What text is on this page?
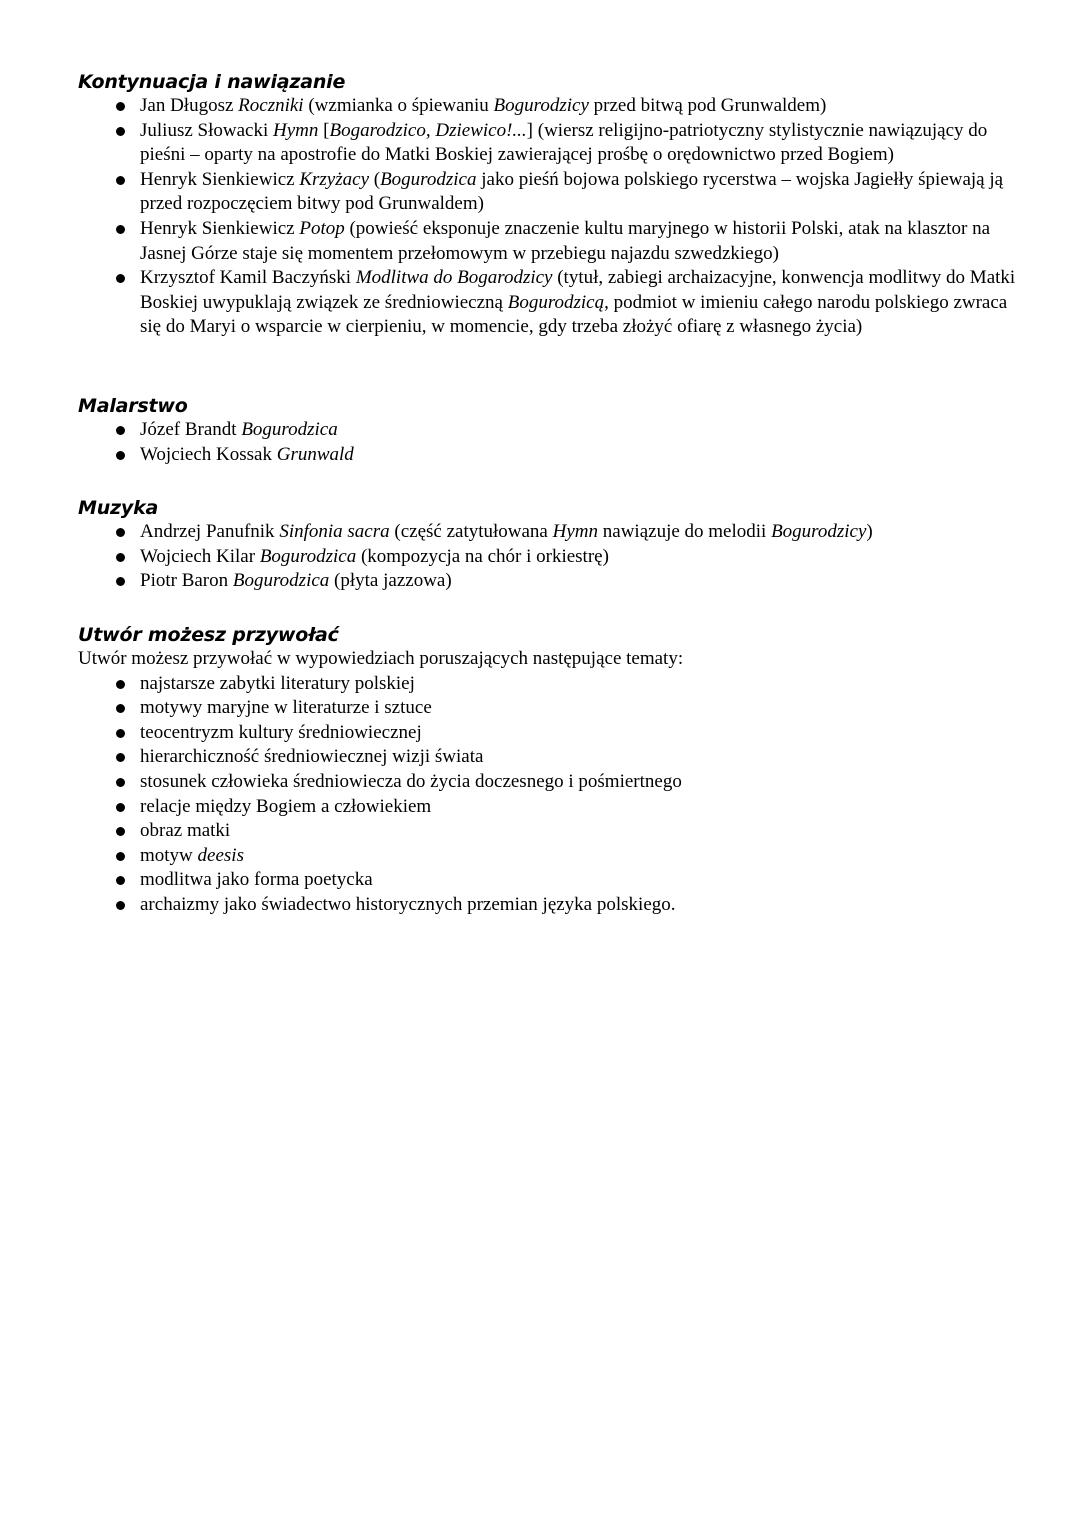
Kontynuacja i nawiązanie
Jan Długosz Roczniki (wzmianka o śpiewaniu Bogurodzicy przed bitwą pod Grunwaldem)
Juliusz Słowacki Hymn [Bogarodzico, Dziewico!...] (wiersz religijno-patriotyczny stylistycznie nawiązujący do pieśni – oparty na apostrofie do Matki Boskiej zawierającej prośbę o orędownictwo przed Bogiem)
Henryk Sienkiewicz Krzyżacy (Bogurodzica jako pieśń bojowa polskiego rycerstwa – wojska Jagiełły śpiewają ją przed rozpoczęciem bitwy pod Grunwaldem)
Henryk Sienkiewicz Potop (powieść eksponuje znaczenie kultu maryjnego w historii Polski, atak na klasztor na Jasnej Górze staje się momentem przełomowym w przebiegu najazdu szwedzkiego)
Krzysztof Kamil Baczyński Modlitwa do Bogarodzicy (tytuł, zabiegi archaizacyjne, konwencja modlitwy do Matki Boskiej uwypuklają związek ze średniowieczną Bogurodzicą, podmiot w imieniu całego narodu polskiego zwraca się do Maryi o wsparcie w cierpieniu, w momencie, gdy trzeba złożyć ofiarę z własnego życia)
Malarstwo
Józef Brandt Bogurodzica
Wojciech Kossak Grunwald
Muzyka
Andrzej Panufnik Sinfonia sacra (część zatytułowana Hymn nawiązuje do melodii Bogurodzicy)
Wojciech Kilar Bogurodzica (kompozycja na chór i orkiestrę)
Piotr Baron Bogurodzica (płyta jazzowa)
Utwór możesz przywołać

Utwór możesz przywołać w wypowiedziach poruszających następujące tematy:

najstarsze zabytki literatury polskiej
motywy maryjne w literaturze i sztuce
teocentryzm kultury średniowiecznej
hierarchiczność średniowiecznej wizji świata
stosunek człowieka średniowiecza do życia doczesnego i pośmiertnego
relacje między Bogiem a człowiekiem
obraz matki
motyw deesis
modlitwa jako forma poetycka
archaizmy jako świadectwo historycznych przemian języka polskiego.
